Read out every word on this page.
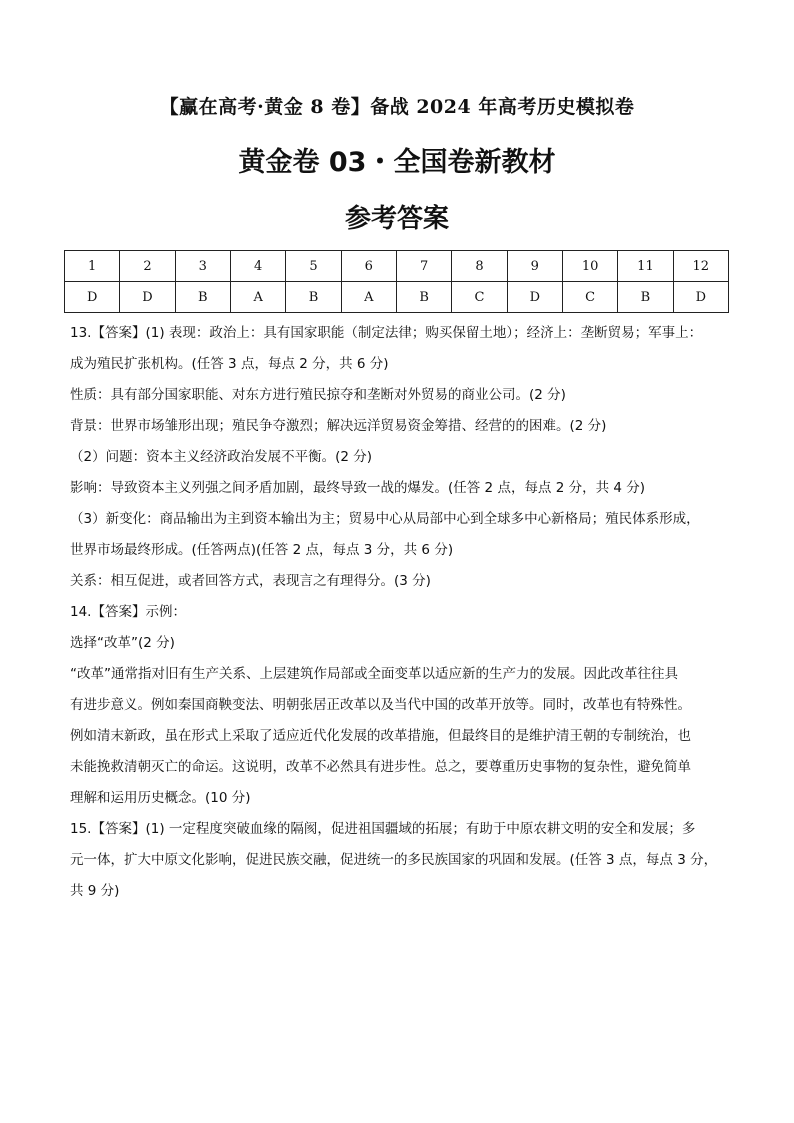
【赢在高考·黄金 8 卷】备战 2024 年高考历史模拟卷
黄金卷 03・全国卷新教材
参考答案
1	2	3	4	5	6	7	8	9	10	11	12
D	D	B	A	B	A	B	C	D	C	B	D

13.【答案】(1) 表现：政治上：具有国家职能（制定法律；购买保留土地）；经济上：垄断贸易；军事上：

成为殖民扩张机构。(任答 3 点，每点 2 分，共 6 分)

性质：具有部分国家职能、对东方进行殖民掠夺和垄断对外贸易的商业公司。(2 分)

背景：世界市场雏形出现；殖民争夺激烈；解决远洋贸易资金筹措、经营的的困难。(2 分)

（2）问题：资本主义经济政治发展不平衡。(2 分)

影响：导致资本主义列强之间矛盾加剧，最终导致一战的爆发。(任答 2 点，每点 2 分，共 4 分)

（3）新变化：商品输出为主到资本输出为主；贸易中心从局部中心到全球多中心新格局；殖民体系形成，

世界市场最终形成。(任答两点)(任答 2 点，每点 3 分，共 6 分)

关系：相互促进，或者回答方式，表现言之有理得分。(3 分)

14.【答案】示例：

选择“改革”(2 分)

“改革”通常指对旧有生产关系、上层建筑作局部或全面变革以适应新的生产力的发展。因此改革往往具

有进步意义。例如秦国商鞅变法、明朝张居正改革以及当代中国的改革开放等。同时，改革也有特殊性。

例如清末新政，虽在形式上采取了适应近代化发展的改革措施，但最终目的是维护清王朝的专制统治，也

未能挽救清朝灭亡的命运。这说明，改革不必然具有进步性。总之，要尊重历史事物的复杂性，避免简单

理解和运用历史概念。(10 分)

15.【答案】(1) 一定程度突破血缘的隔阂，促进祖国疆域的拓展；有助于中原农耕文明的安全和发展；多

元一体，扩大中原文化影响，促进民族交融，促进统一的多民族国家的巩固和发展。(任答 3 点，每点 3 分，

共 9 分)
